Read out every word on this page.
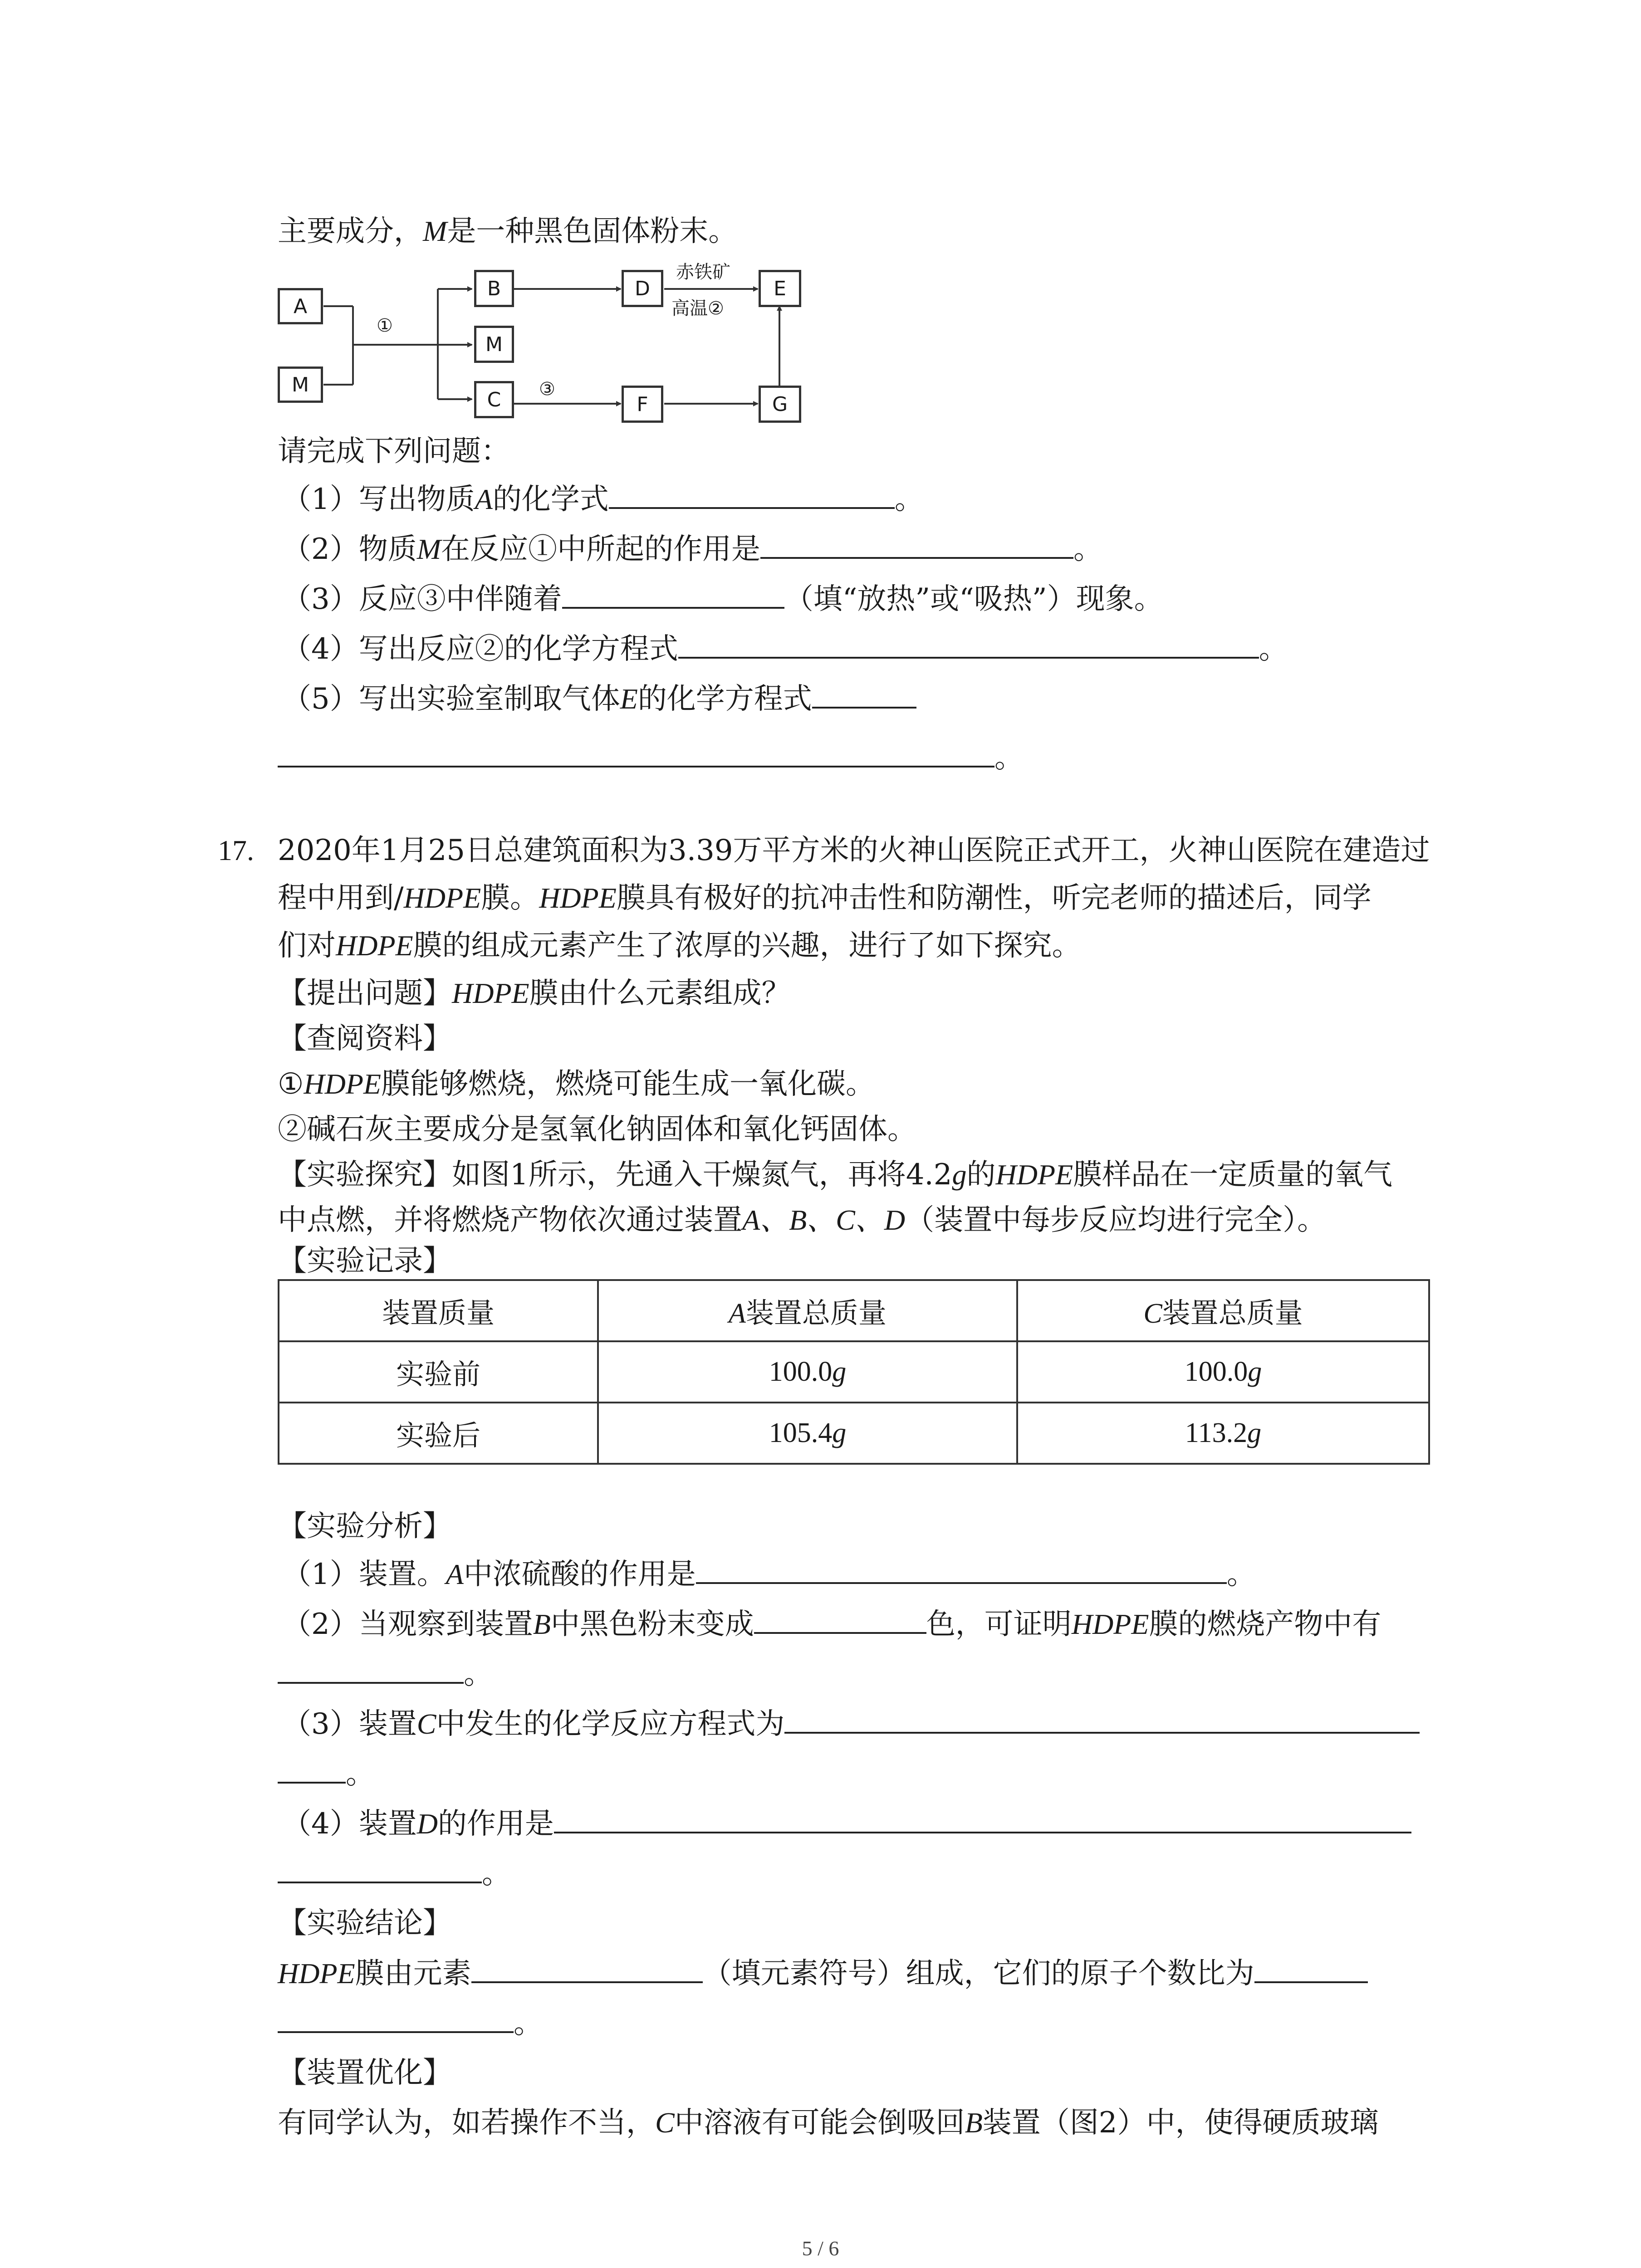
主要成分，M是一种黑色固体粉末。
A
M
B
M
C
D
F
E
G
①
③
赤铁矿
高温②
请完成下列问题：
（1）写出物质A的化学式	。
（2）物质M在反应①中所起的作用是	。
（3）反应③中伴随着	（填“放热”或“吸热”）现象。
（4）写出反应②的化学方程式	。
（5）写出实验室制取气体E的化学方程式
。
17. 2020年1月25日总建筑面积为3.39万平方米的火神山医院正式开工，火神山医院在建造过
程中用到/HDPE膜。HDPE膜具有极好的抗冲击性和防潮性，听完老师的描述后，同学
们对HDPE膜的组成元素产生了浓厚的兴趣，进行了如下探究。
【提出问题】HDPE膜由什么元素组成？
【查阅资料】
①HDPE膜能够燃烧，燃烧可能生成一氧化碳。
②碱石灰主要成分是氢氧化钠固体和氧化钙固体。
【实验探究】如图1所示，先通入干燥氮气，再将4.2g的HDPE膜样品在一定质量的氧气
中点燃，并将燃烧产物依次通过装置A、B、C、D（装置中每步反应均进行完全）。
【实验记录】
装置质量	A装置总质量	C装置总质量
实验前	100.0g	100.0g
实验后	105.4g	113.2g
【实验分析】
（1）装置。A中浓硫酸的作用是	。
（2）当观察到装置B中黑色粉末变成	色，可证明HDPE膜的燃烧产物中有
。
（3）装置C中发生的化学反应方程式为
。
（4）装置D的作用是
。
【实验结论】
HDPE膜由元素	（填元素符号）组成，它们的原子个数比为
。
【装置优化】
有同学认为，如若操作不当，C中溶液有可能会倒吸回B装置（图2）中，使得硬质玻璃
5 / 6
